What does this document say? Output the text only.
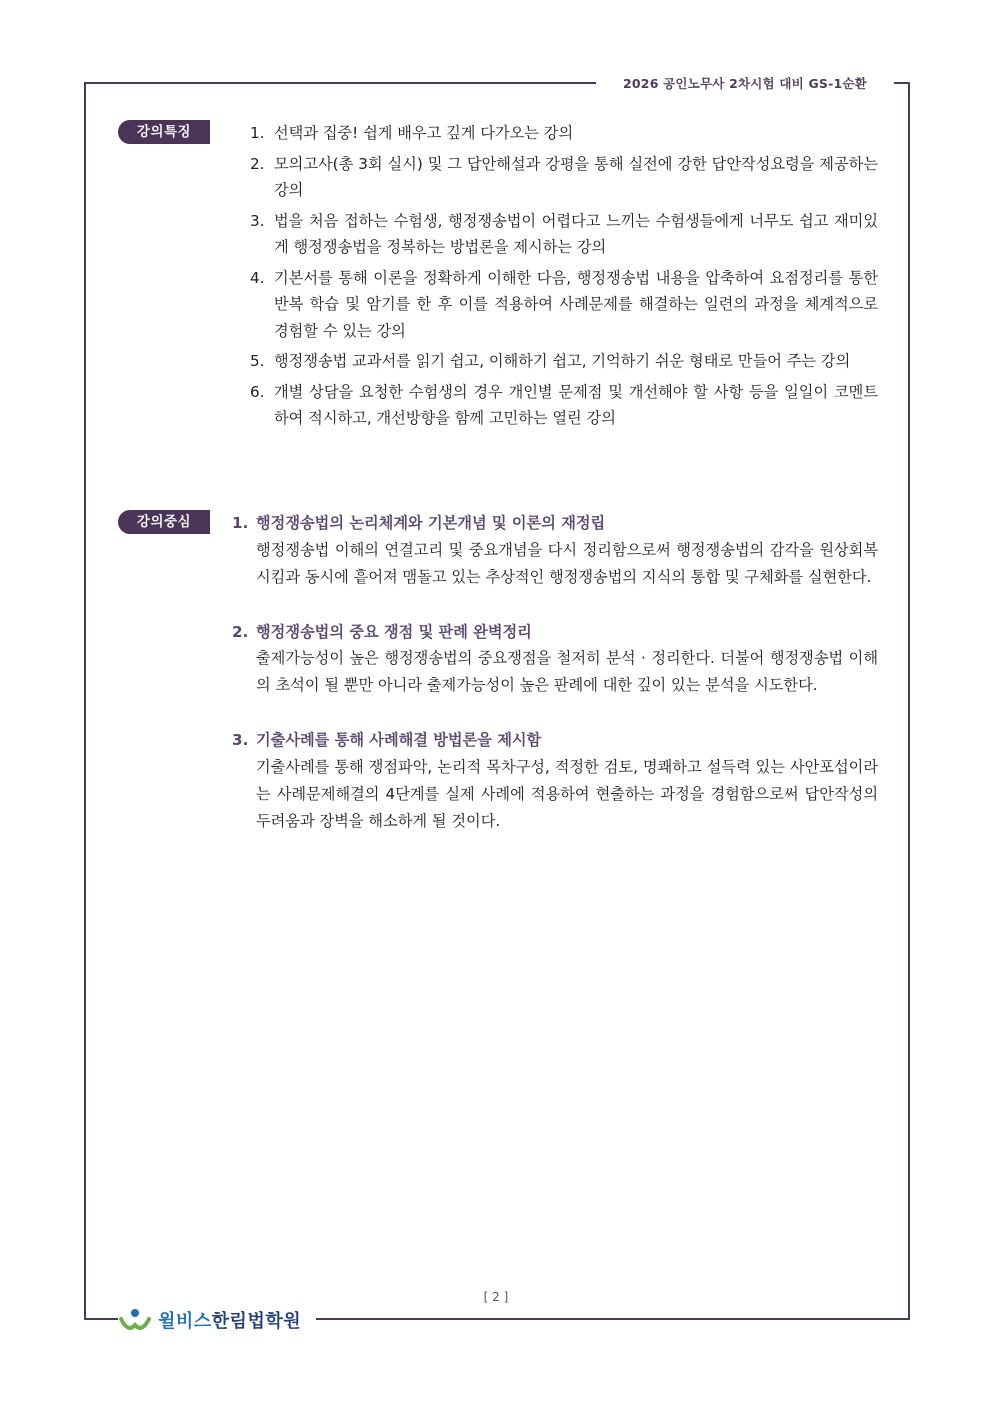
2026 공인노무사 2차시험 대비 GS-1순환
강의특징	1. 선택과 집중! 쉽게 배우고 깊게 다가오는 강의
2. 모의고사(총 3회 실시) 및 그 답안해설과 강평을 통해 실전에 강한 답안작성요령을 제공하는 강의
3. 법을 처음 접하는 수험생, 행정쟁송법이 어렵다고 느끼는 수험생들에게 너무도 쉽고 재미있게 행정쟁송법을 정복하는 방법론을 제시하는 강의
4. 기본서를 통해 이론을 정확하게 이해한 다음, 행정쟁송법 내용을 압축하여 요점정리를 통한 반복 학습 및 암기를 한 후 이를 적용하여 사례문제를 해결하는 일련의 과정을 체계적으로 경험할 수 있는 강의
5. 행정쟁송법 교과서를 읽기 쉽고, 이해하기 쉽고, 기억하기 쉬운 형태로 만들어 주는 강의
6. 개별 상담을 요청한 수험생의 경우 개인별 문제점 및 개선해야 할 사항 등을 일일이 코멘트 하여 적시하고, 개선방향을 함께 고민하는 열린 강의
강의중심	1. 행정쟁송법의 논리체계와 기본개념 및 이론의 재정립
행정쟁송법 이해의 연결고리 및 중요개념을 다시 정리함으로써 행정쟁송법의 감각을 원상회복시킴과 동시에 흩어져 맴돌고 있는 추상적인 행정쟁송법의 지식의 통합 및 구체화를 실현한다.
2. 행정쟁송법의 중요 쟁점 및 판례 완벽정리
출제가능성이 높은 행정쟁송법의 중요쟁점을 철저히 분석 · 정리한다. 더불어 행정쟁송법 이해의 초석이 될 뿐만 아니라 출제가능성이 높은 판례에 대한 깊이 있는 분석을 시도한다.
3. 기출사례를 통해 사례해결 방법론을 제시함
기출사례를 통해 쟁점파악, 논리적 목차구성, 적정한 검토, 명쾌하고 설득력 있는 사안포섭이라는 사례문제해결의 4단계를 실제 사례에 적용하여 현출하는 과정을 경험함으로써 답안작성의 두려움과 장벽을 해소하게 될 것이다.
[ 2 ]
윌비스한림법학원
